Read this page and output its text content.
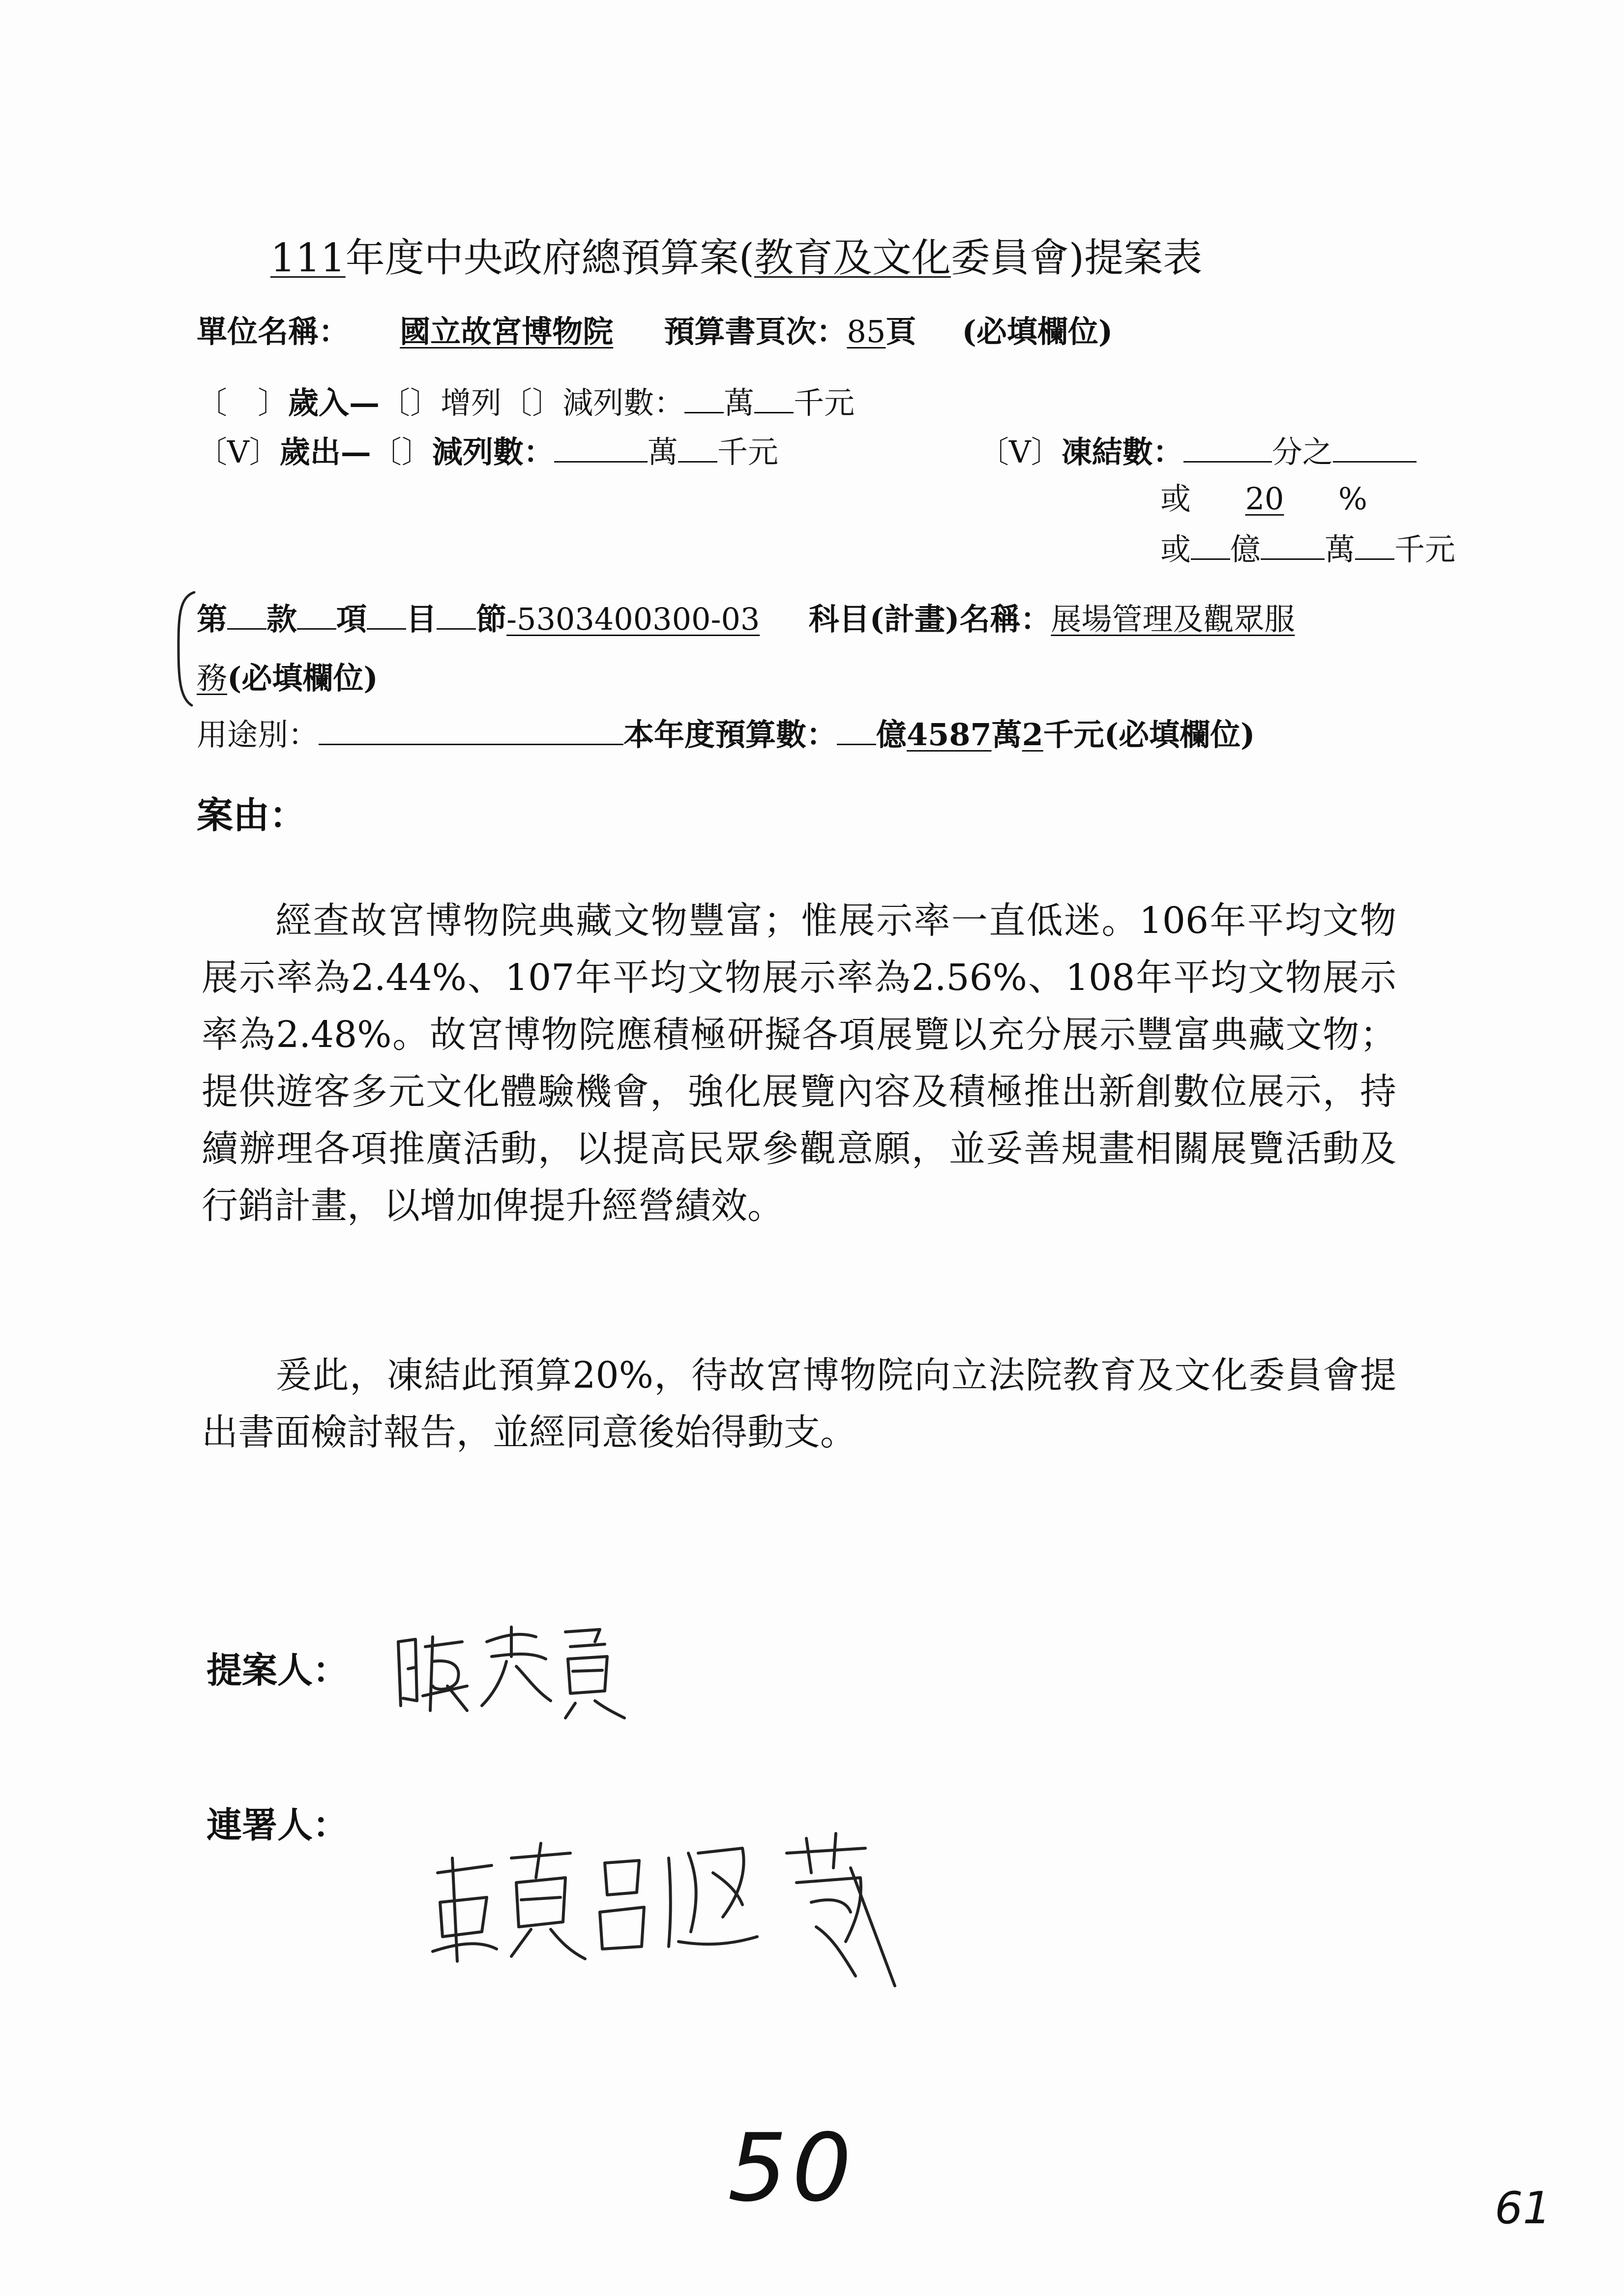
111年度中央政府總預算案(教育及文化委員會)提案表
單位名稱： 國立故宮博物院 預算書頁次：85頁 (必填欄位)
〔　〕歲入—〔〕增列〔〕減列數： 萬 千元
〔V〕歲出—〔〕減列數：	萬 千元	〔V〕凍結數：	分之
或 20 %
或 億 萬 千元
第 款 項 目 節-5303400300-03 科目(計畫)名稱：展場管理及觀眾服
務(必填欄位)
用途別：	本年度預算數： 億4587萬2千元(必填欄位)
案由：
經查故宮博物院典藏文物豐富；惟展示率一直低迷。106年平均文物展示率為2.44%、107年平均文物展示率為2.56%、108年平均文物展示率為2.48%。故宮博物院應積極研擬各項展覽以充分展示豐富典藏文物；提供遊客多元文化體驗機會，強化展覽內容及積極推出新創數位展示，持續辦理各項推廣活動，以提高民眾參觀意願，並妥善規畫相關展覽活動及行銷計畫，以增加俾提升經營績效。
爰此，凍結此預算20%，待故宮博物院向立法院教育及文化委員會提出書面檢討報告，並經同意後始得動支。
提案人：
連署人：
50	61
